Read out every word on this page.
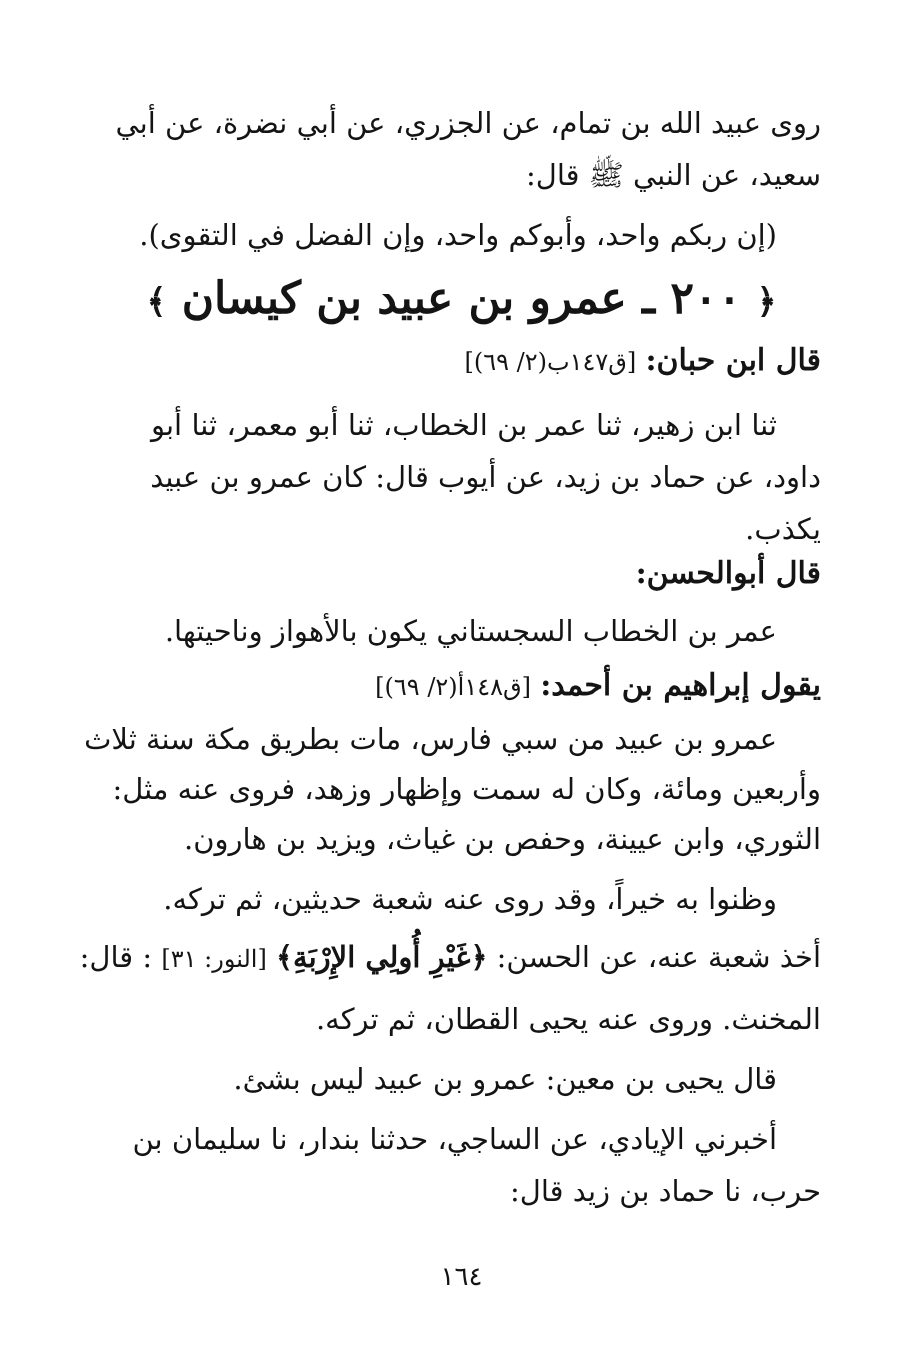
روى عبيد الله بن تمام، عن الجزري، عن أبي نضرة، عن أبي
سعيد، عن النبي ﷺ قال:
(إن ربكم واحد، وأبوكم واحد، وإن الفضل في التقوى).
﴿ ٢٠٠ ـ عمرو بن عبيد بن كيسان ﴾
قال ابن حبان: [ق١٤٧ب(٢/ ٦٩)]
ثنا ابن زهير، ثنا عمر بن الخطاب، ثنا أبو معمر، ثنا أبو
داود، عن حماد بن زيد، عن أيوب قال: كان عمرو بن عبيد
يكذب.
قال أبوالحسن:
عمر بن الخطاب السجستاني يكون بالأهواز وناحيتها.
يقول إبراهيم بن أحمد: [ق١٤٨أ(٢/ ٦٩)]
عمرو بن عبيد من سبي فارس، مات بطريق مكة سنة ثلاث
وأربعين ومائة، وكان له سمت وإظهار وزهد، فروى عنه مثل:
الثوري، وابن عيينة، وحفص بن غياث، ويزيد بن هارون.
وظنوا به خيراً، وقد روى عنه شعبة حديثين، ثم تركه.
أخذ شعبة عنه، عن الحسن: ﴿غَيْرِ أُولِي الإِرْبَةِ﴾ [النور: ٣١] : قال:
المخنث. وروى عنه يحيى القطان، ثم تركه.
قال يحيى بن معين: عمرو بن عبيد ليس بشئ.
أخبرني الإيادي، عن الساجي، حدثنا بندار، نا سليمان بن
حرب، نا حماد بن زيد قال:
١٦٤
